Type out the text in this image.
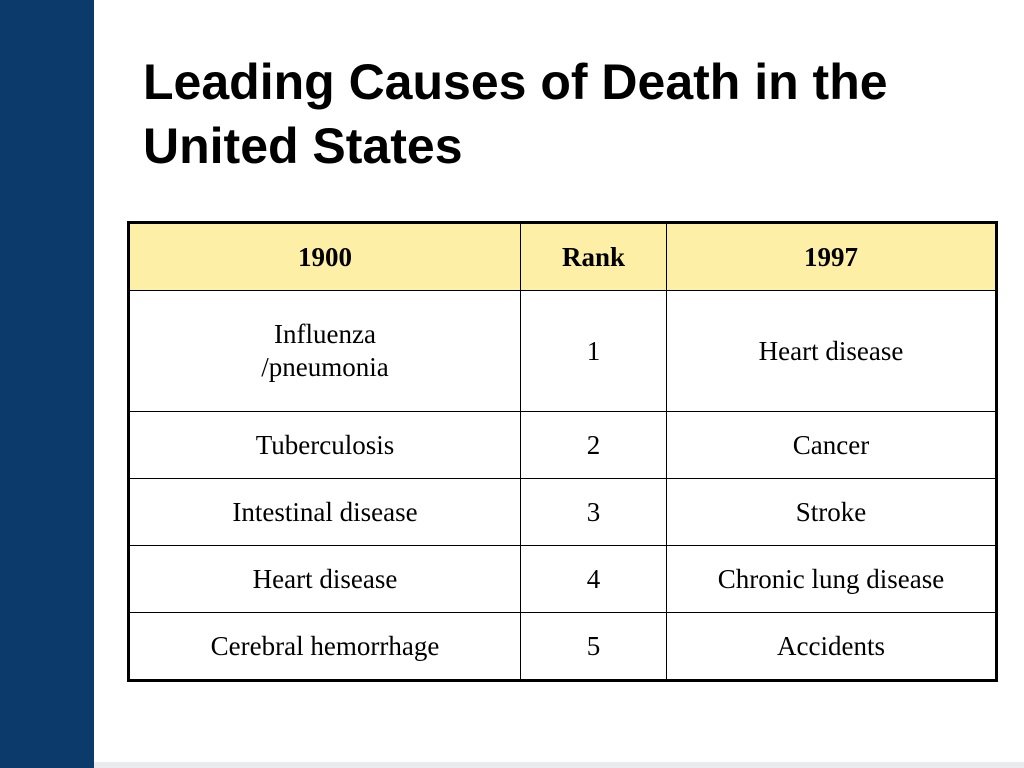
Leading Causes of Death in the
United States
1900	Rank	1997
Influenza
/pneumonia	1	Heart disease
Tuberculosis	2	Cancer
Intestinal disease	3	Stroke
Heart disease	4	Chronic lung disease
Cerebral hemorrhage	5	Accidents
